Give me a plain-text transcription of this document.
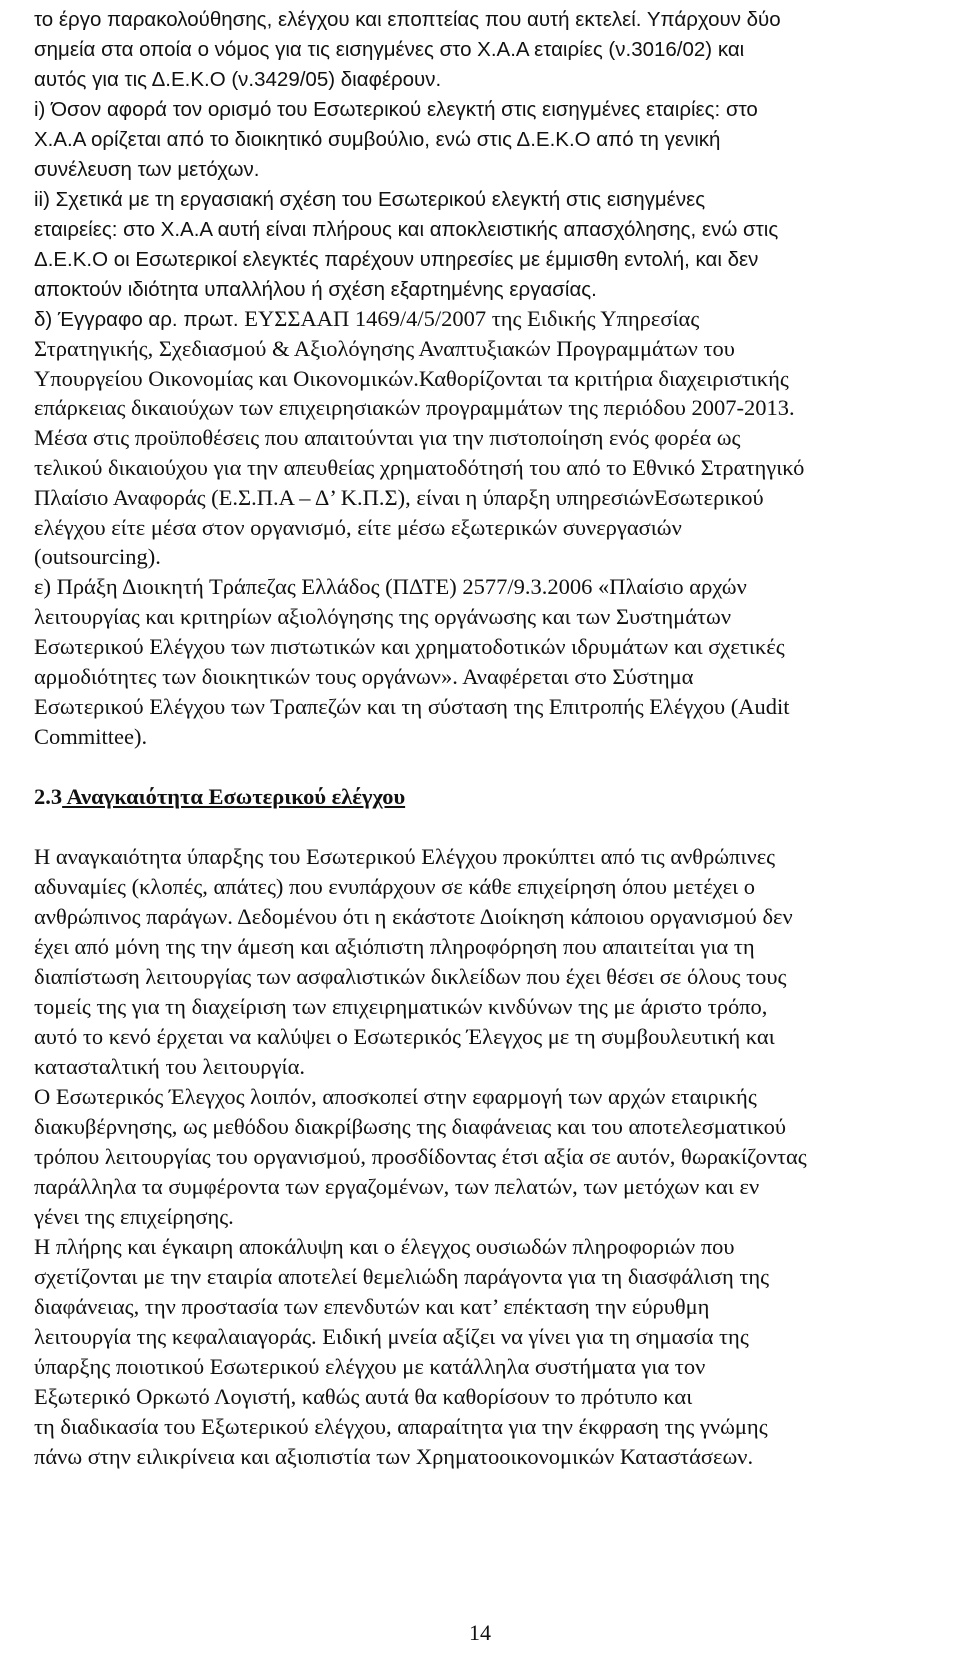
το έργο παρακολούθησης, ελέγχου και εποπτείας που αυτή εκτελεί. Υπάρχουν δύο
σημεία στα οποία ο νόμος για τις εισηγμένες στο Χ.Α.Α εταιρίες (ν.3016/02) και
αυτός για τις Δ.Ε.Κ.Ο (ν.3429/05) διαφέρουν.
i) Όσον αφορά τον ορισμό του Εσωτερικού ελεγκτή στις εισηγμένες εταιρίες: στο
Χ.Α.Α ορίζεται από το διοικητικό συμβούλιο, ενώ στις Δ.Ε.Κ.Ο από τη γενική
συνέλευση των μετόχων.
ii) Σχετικά με τη εργασιακή σχέση του Εσωτερικού ελεγκτή στις εισηγμένες
εταιρείες: στο Χ.Α.Α αυτή είναι πλήρους και αποκλειστικής απασχόλησης, ενώ στις
Δ.Ε.Κ.Ο οι Εσωτερικοί ελεγκτές παρέχουν υπηρεσίες με έμμισθη εντολή, και δεν
αποκτούν ιδιότητα υπαλλήλου ή σχέση εξαρτημένης εργασίας.
δ) Έγγραφο αρ. πρωτ. ΕΥΣΣΑΑΠ 1469/4/5/2007 της Ειδικής Υπηρεσίας
Στρατηγικής, Σχεδιασμού & Αξιολόγησης Αναπτυξιακών Προγραμμάτων του
Υπουργείου Οικονομίας και Οικονομικών.Καθορίζονται τα κριτήρια διαχειριστικής
επάρκειας δικαιούχων των επιχειρησιακών προγραμμάτων της περιόδου 2007-2013.
Μέσα στις προϋποθέσεις που απαιτούνται για την πιστοποίηση ενός φορέα ως
τελικού δικαιούχου για την απευθείας χρηματοδότησή του από το Εθνικό Στρατηγικό
Πλαίσιο Αναφοράς (Ε.Σ.Π.Α – Δ’ Κ.Π.Σ), είναι η ύπαρξη υπηρεσιώνΕσωτερικού
ελέγχου είτε μέσα στον οργανισμό, είτε μέσω εξωτερικών συνεργασιών
(outsourcing).
ε) Πράξη Διοικητή Τράπεζας Ελλάδος (ΠΔΤΕ) 2577/9.3.2006 «Πλαίσιο αρχών
λειτουργίας και κριτηρίων αξιολόγησης της οργάνωσης και των Συστημάτων
Εσωτερικού Ελέγχου των πιστωτικών και χρηματοδοτικών ιδρυμάτων και σχετικές
αρμοδιότητες των διοικητικών τους οργάνων». Αναφέρεται στο Σύστημα
Εσωτερικού Ελέγχου των Τραπεζών και τη σύσταση της Επιτροπής Ελέγχου (Audit
Committee).
2.3 Αναγκαιότητα Εσωτερικού ελέγχου
Η αναγκαιότητα ύπαρξης του Εσωτερικού Ελέγχου προκύπτει από τις ανθρώπινες
αδυναμίες (κλοπές, απάτες) που ενυπάρχουν σε κάθε επιχείρηση όπου μετέχει ο
ανθρώπινος παράγων. Δεδομένου ότι η εκάστοτε Διοίκηση κάποιου οργανισμού δεν
έχει από μόνη της την άμεση και αξιόπιστη πληροφόρηση που απαιτείται για τη
διαπίστωση λειτουργίας των ασφαλιστικών δικλείδων που έχει θέσει σε όλους τους
τομείς της για τη διαχείριση των επιχειρηματικών κινδύνων της με άριστο τρόπο,
αυτό το κενό έρχεται να καλύψει ο Εσωτερικός Έλεγχος με τη συμβουλευτική και
κατασταλτική του λειτουργία.
Ο Εσωτερικός Έλεγχος λοιπόν, αποσκοπεί στην εφαρμογή των αρχών εταιρικής
διακυβέρνησης, ως μεθόδου διακρίβωσης της διαφάνειας και του αποτελεσματικού
τρόπου λειτουργίας του οργανισμού, προσδίδοντας έτσι αξία σε αυτόν, θωρακίζοντας
παράλληλα τα συμφέροντα των εργαζομένων, των πελατών, των μετόχων και εν
γένει της επιχείρησης.
Η πλήρης και έγκαιρη αποκάλυψη και ο έλεγχος ουσιωδών πληροφοριών που
σχετίζονται με την εταιρία αποτελεί θεμελιώδη παράγοντα για τη διασφάλιση της
διαφάνειας, την προστασία των επενδυτών και κατ’ επέκταση την εύρυθμη
λειτουργία της κεφαλαιαγοράς. Ειδική μνεία αξίζει να γίνει για τη σημασία της
ύπαρξης ποιοτικού Εσωτερικού ελέγχου με κατάλληλα συστήματα για τον
Εξωτερικό Ορκωτό Λογιστή, καθώς αυτά θα καθορίσουν το πρότυπο και
τη διαδικασία του Εξωτερικού ελέγχου, απαραίτητα για την έκφραση της γνώμης
πάνω στην ειλικρίνεια και αξιοπιστία των Χρηματοοικονομικών Καταστάσεων.
14
